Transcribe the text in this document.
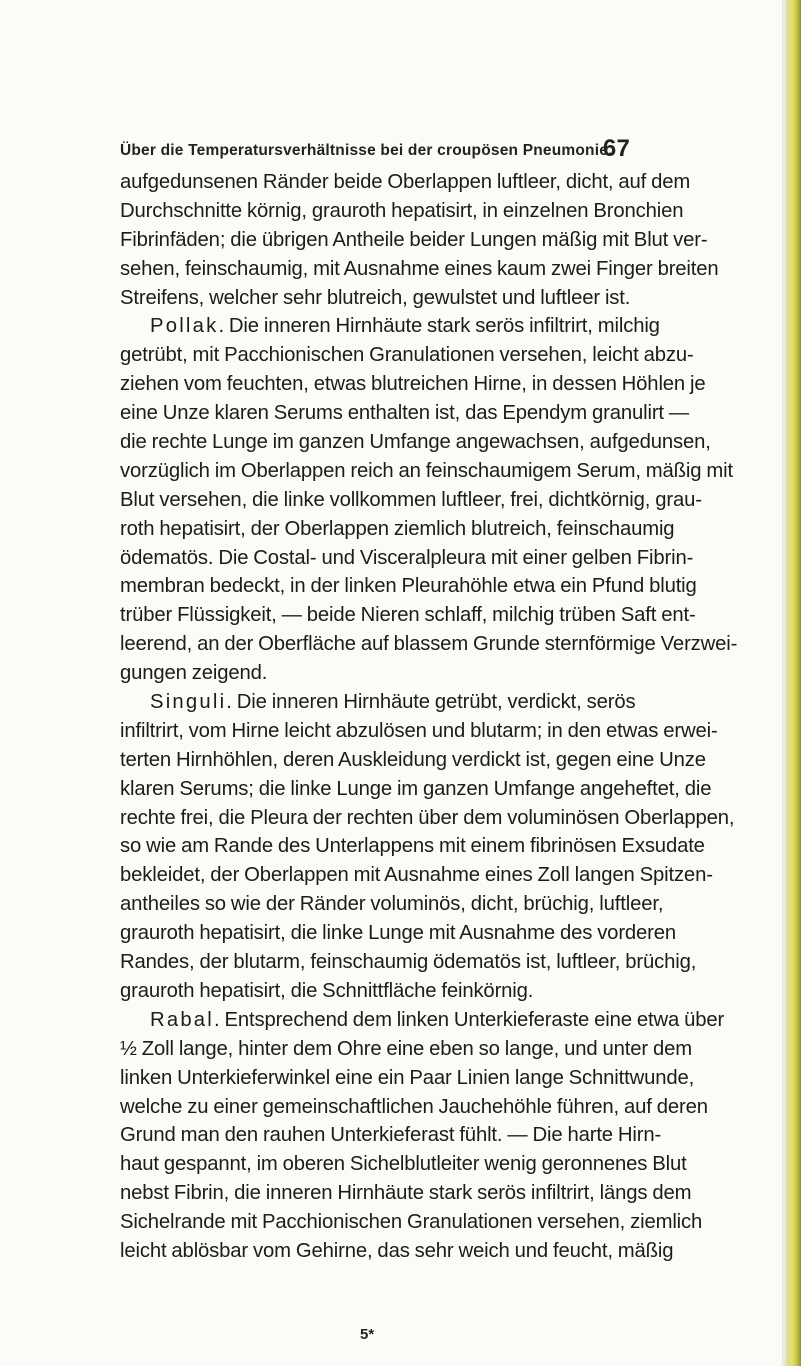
Über die Temperatursverhältnisse bei der croupösen Pneumonie.
67
aufgedunsenen Ränder beide Oberlappen luftleer, dicht, auf dem
Durchschnitte körnig, grauroth hepatisirt, in einzelnen Bronchien
Fibrinfäden; die übrigen Antheile beider Lungen mäßig mit Blut ver-
sehen, feinschaumig, mit Ausnahme eines kaum zwei Finger breiten
Streifens, welcher sehr blutreich, gewulstet und luftleer ist.
Pollak. Die inneren Hirnhäute stark serös infiltrirt, milchig
getrübt, mit Pacchionischen Granulationen versehen, leicht abzu-
ziehen vom feuchten, etwas blutreichen Hirne, in dessen Höhlen je
eine Unze klaren Serums enthalten ist, das Ependym granulirt —
die rechte Lunge im ganzen Umfange angewachsen, aufgedunsen,
vorzüglich im Oberlappen reich an feinschaumigem Serum, mäßig mit
Blut versehen, die linke vollkommen luftleer, frei, dichtkörnig, grau-
roth hepatisirt, der Oberlappen ziemlich blutreich, feinschaumig
ödematös. Die Costal- und Visceralpleura mit einer gelben Fibrin-
membran bedeckt, in der linken Pleurahöhle etwa ein Pfund blutig
trüber Flüssigkeit, — beide Nieren schlaff, milchig trüben Saft ent-
leerend, an der Oberfläche auf blassem Grunde sternförmige Verzwei-
gungen zeigend.
Singuli. Die inneren Hirnhäute getrübt, verdickt, serös
infiltrirt, vom Hirne leicht abzulösen und blutarm; in den etwas erwei-
terten Hirnhöhlen, deren Auskleidung verdickt ist, gegen eine Unze
klaren Serums; die linke Lunge im ganzen Umfange angeheftet, die
rechte frei, die Pleura der rechten über dem voluminösen Oberlappen,
so wie am Rande des Unterlappens mit einem fibrinösen Exsudate
bekleidet, der Oberlappen mit Ausnahme eines Zoll langen Spitzen-
antheiles so wie der Ränder voluminös, dicht, brüchig, luftleer,
grauroth hepatisirt, die linke Lunge mit Ausnahme des vorderen
Randes, der blutarm, feinschaumig ödematös ist, luftleer, brüchig,
grauroth hepatisirt, die Schnittfläche feinkörnig.
Rabal. Entsprechend dem linken Unterkieferaste eine etwa über
½ Zoll lange, hinter dem Ohre eine eben so lange, und unter dem
linken Unterkieferwinkel eine ein Paar Linien lange Schnittwunde,
welche zu einer gemeinschaftlichen Jauchehöhle führen, auf deren
Grund man den rauhen Unterkieferast fühlt. — Die harte Hirn-
haut gespannt, im oberen Sichelblutleiter wenig geronnenes Blut
nebst Fibrin, die inneren Hirnhäute stark serös infiltrirt, längs dem
Sichelrande mit Pacchionischen Granulationen versehen, ziemlich
leicht ablösbar vom Gehirne, das sehr weich und feucht, mäßig
5*
